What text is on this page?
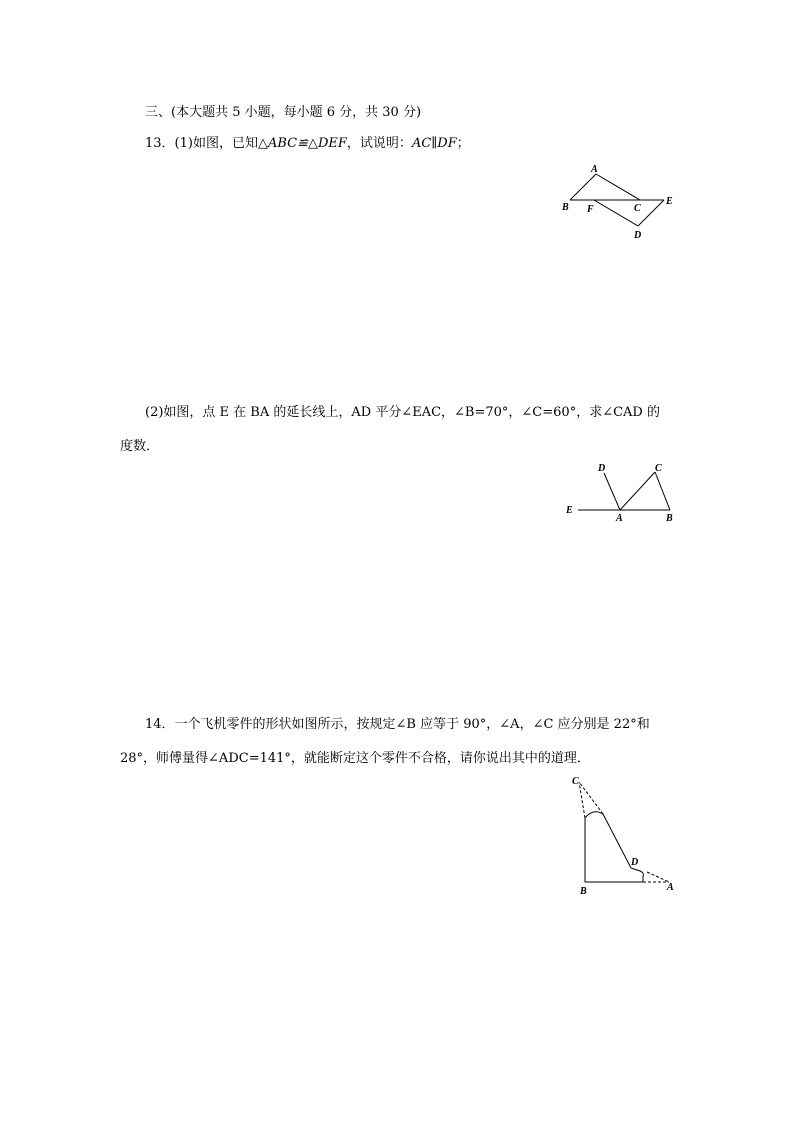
三、(本大题共 5 小题，每小题 6 分，共 30 分)
13．(1)如图，已知△ABC≌△DEF，试说明：AC∥DF；
A
B F	C
E
D
(2)如图，点 E 在 BA 的延长线上，AD 平分∠EAC，∠B=70°，∠C=60°，求∠CAD 的
度数．
D	C
E
A	B
14．一个飞机零件的形状如图所示，按规定∠B 应等于 90°，∠A，∠C 应分别是 22°和
28°，师傅量得∠ADC=141°，就能断定这个零件不合格，请你说出其中的道理．
C
D
B	A
